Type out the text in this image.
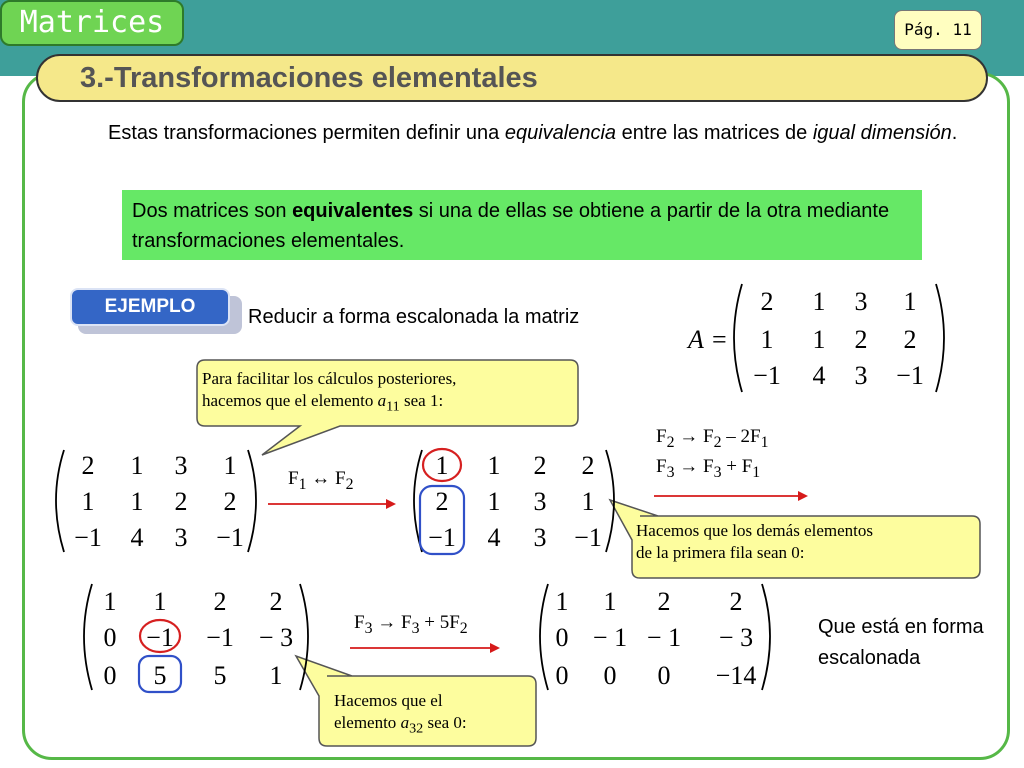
Matrices	Pág. 11
3.-Transformaciones elementales
Estas transformaciones permiten definir una equivalencia entre las matrices de igual dimensión.
Dos matrices son equivalentes si una de ellas se obtiene a partir de la otra mediante transformaciones elementales.
EJEMPLO	Reducir a forma escalonada la matriz
A =
2 1 3 1
1 1 2 2
−1 4 3 −1
2 1 3 1
1 1 2 2
−1 4 3 −1
1 1 2 2
2 1 3 1
−1 4 3 −1
1 1 2 2
0 −1 −1 − 3
0 5 5 1
1 1 2 2
0 − 1 − 1 − 3
0 0 0 −14
Para facilitar los cálculos posteriores,
hacemos que el elemento $a_{11}$ sea 1:
Hacemos que los demás elementos
de la primera fila sean 0:
Hacemos que el
elemento $a_{32}$ sea 0:
$F_1$ ↔ $F_2$
$F_2 \to F_2 - 2F_1$
$F_3 \to F_3 + F_1$
$F_3 \to F_3 + 5F_2$	Que está en forma escalonada
